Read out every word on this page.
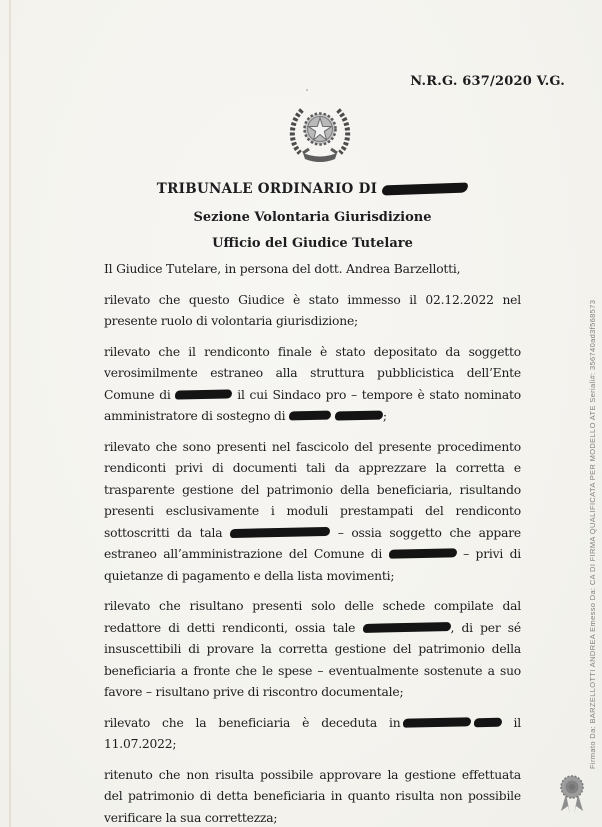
N.R.G. 637/2020 V.G.
TRIBUNALE ORDINARIO DI
Sezione Volontaria Giurisdizione
Ufficio del Giudice Tutelare

Il Giudice Tutelare, in persona del dott. Andrea Barzellotti,

rilevato che questo Giudice è stato immesso il 02.12.2022 nel presente ruolo di volontaria giurisdizione;

rilevato che il rendiconto finale è stato depositato da soggetto verosimilmente estraneo alla struttura pubblicistica dell’Ente Comune di	il cui Sindaco pro – tempore è stato nominato amministratore di sostegno di	;

rilevato che sono presenti nel fascicolo del presente procedimento rendiconti privi di documenti tali da apprezzare la corretta e trasparente gestione del patrimonio della beneficiaria, risultando presenti esclusivamente i moduli prestampati del rendiconto sottoscritti da tala	– ossia soggetto che appare estraneo all’amministrazione del Comune di	– privi di quietanze di pagamento e della lista movimenti;

rilevato che risultano presenti solo delle schede compilate dal redattore di detti rendiconti, ossia tale	, di per sé insuscettibili di provare la corretta gestione del patrimonio della beneficiaria a fronte che le spese – eventualmente sostenute a suo favore – risultano prive di riscontro documentale;

rilevato che la beneficiaria è deceduta in	il 11.07.2022;

ritenuto che non risulta possibile approvare la gestione effettuata del patrimonio di detta beneficiaria in quanto risulta non possibile verificare la sua correttezza;

Firmato Da: BARZELLOTTI ANDREA Emesso Da: CA DI FIRMA QUALIFICATA PER MODELLO ATE Seriali#: 356740ad3f568573
